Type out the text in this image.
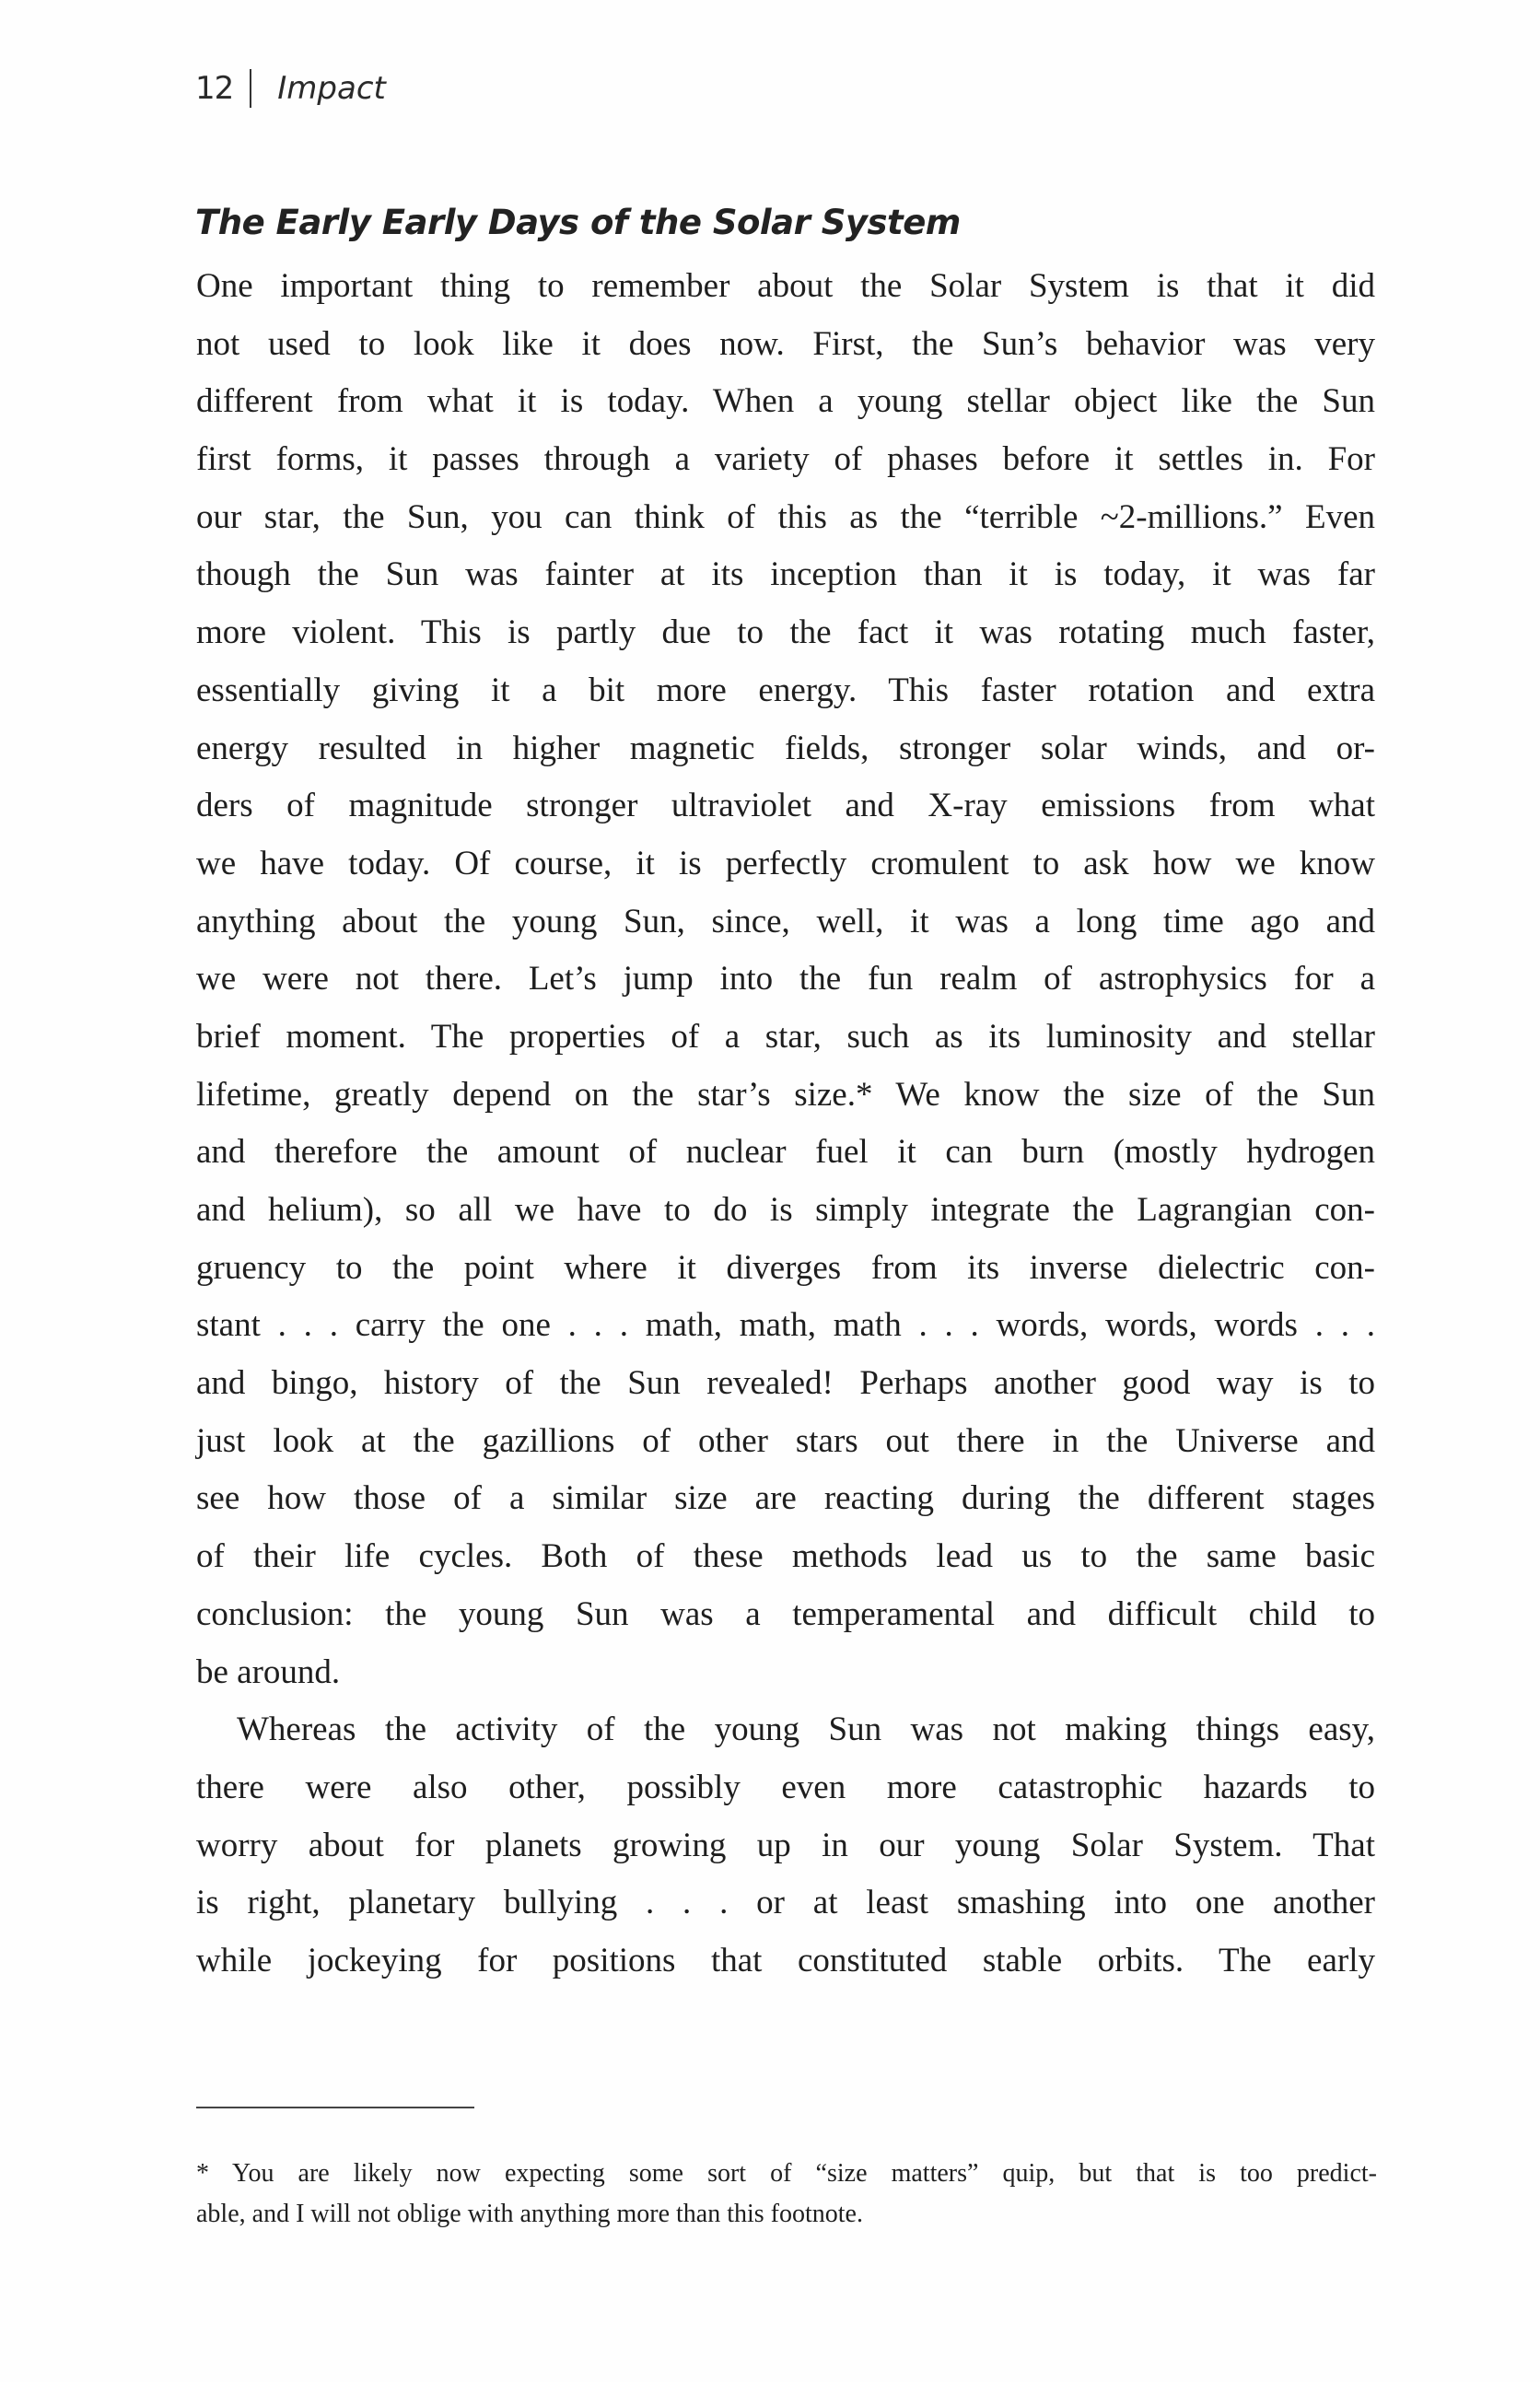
12 Impact
The Early Early Days of the Solar System
One important thing to remember about the Solar System is that it did
not used to look like it does now. First, the Sun’s behavior was very
different from what it is today. When a young stellar object like the Sun
first forms, it passes through a variety of phases before it settles in. For
our star, the Sun, you can think of this as the “terrible ~2-millions.” Even
though the Sun was fainter at its inception than it is today, it was far
more violent. This is partly due to the fact it was rotating much faster,
essentially giving it a bit more energy. This faster rotation and extra
energy resulted in higher magnetic fields, stronger solar winds, and or-
ders of magnitude stronger ultraviolet and X-ray emissions from what
we have today. Of course, it is perfectly cromulent to ask how we know
anything about the young Sun, since, well, it was a long time ago and
we were not there. Let’s jump into the fun realm of astrophysics for a
brief moment. The properties of a star, such as its luminosity and stellar
lifetime, greatly depend on the star’s size.* We know the size of the Sun
and therefore the amount of nuclear fuel it can burn (mostly hydrogen
and helium), so all we have to do is simply integrate the Lagrangian con-
gruency to the point where it diverges from its inverse dielectric con-
stant . . . carry the one . . . math, math, math . . . words, words, words . . .
and bingo, history of the Sun revealed! Perhaps another good way is to
just look at the gazillions of other stars out there in the Universe and
see how those of a similar size are reacting during the different stages
of their life cycles. Both of these methods lead us to the same basic
conclusion: the young Sun was a temperamental and difficult child to
be around.
Whereas the activity of the young Sun was not making things easy,
there were also other, possibly even more catastrophic hazards to
worry about for planets growing up in our young Solar System. That
is right, planetary bullying . . . or at least smashing into one another
while jockeying for positions that constituted stable orbits. The early
* You are likely now expecting some sort of “size matters” quip, but that is too predict-
able, and I will not oblige with anything more than this footnote.
